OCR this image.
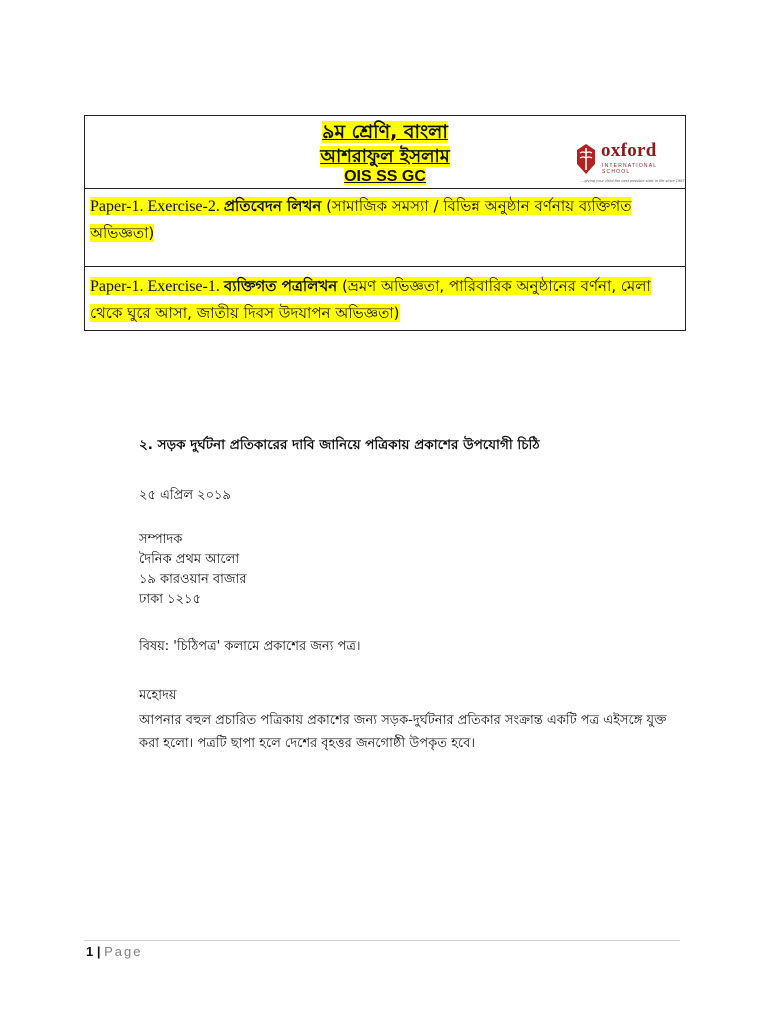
৯ম শ্রেণি, বাংলা
আশরাফুল ইসলাম
OIS SS GC
oxford
INTERNATIONAL SCHOOL
...giving your child the best possible start in life since 1987
Paper-1. Exercise-2. প্রতিবেদন লিখন (সামাজিক সমস্যা / বিভিন্ন অনুষ্ঠান বর্ণনায় ব্যক্তিগত অভিজ্ঞতা)
Paper-1. Exercise-1. ব্যক্তিগত পত্রলিখন (ভ্রমণ অভিজ্ঞতা, পারিবারিক অনুষ্ঠানের বর্ণনা, মেলা থেকে ঘুরে আসা, জাতীয় দিবস উদযাপন অভিজ্ঞতা)
২. সড়ক দুর্ঘটনা প্রতিকারের দাবি জানিয়ে পত্রিকায় প্রকাশের উপযোগী চিঠি
২৫ এপ্রিল ২০১৯
সম্পাদক
দৈনিক প্রথম আলো
১৯ কারওয়ান বাজার
ঢাকা ১২১৫
বিষয়: 'চিঠিপত্র' কলামে প্রকাশের জন্য পত্র।
মহোদয়
আপনার বহুল প্রচারিত পত্রিকায় প্রকাশের জন্য সড়ক-দুর্ঘটনার প্রতিকার সংক্রান্ত একটি পত্র এইসঙ্গে যুক্ত করা হলো। পত্রটি ছাপা হলে দেশের বৃহত্তর জনগোষ্ঠী উপকৃত হবে।
1 | Page
